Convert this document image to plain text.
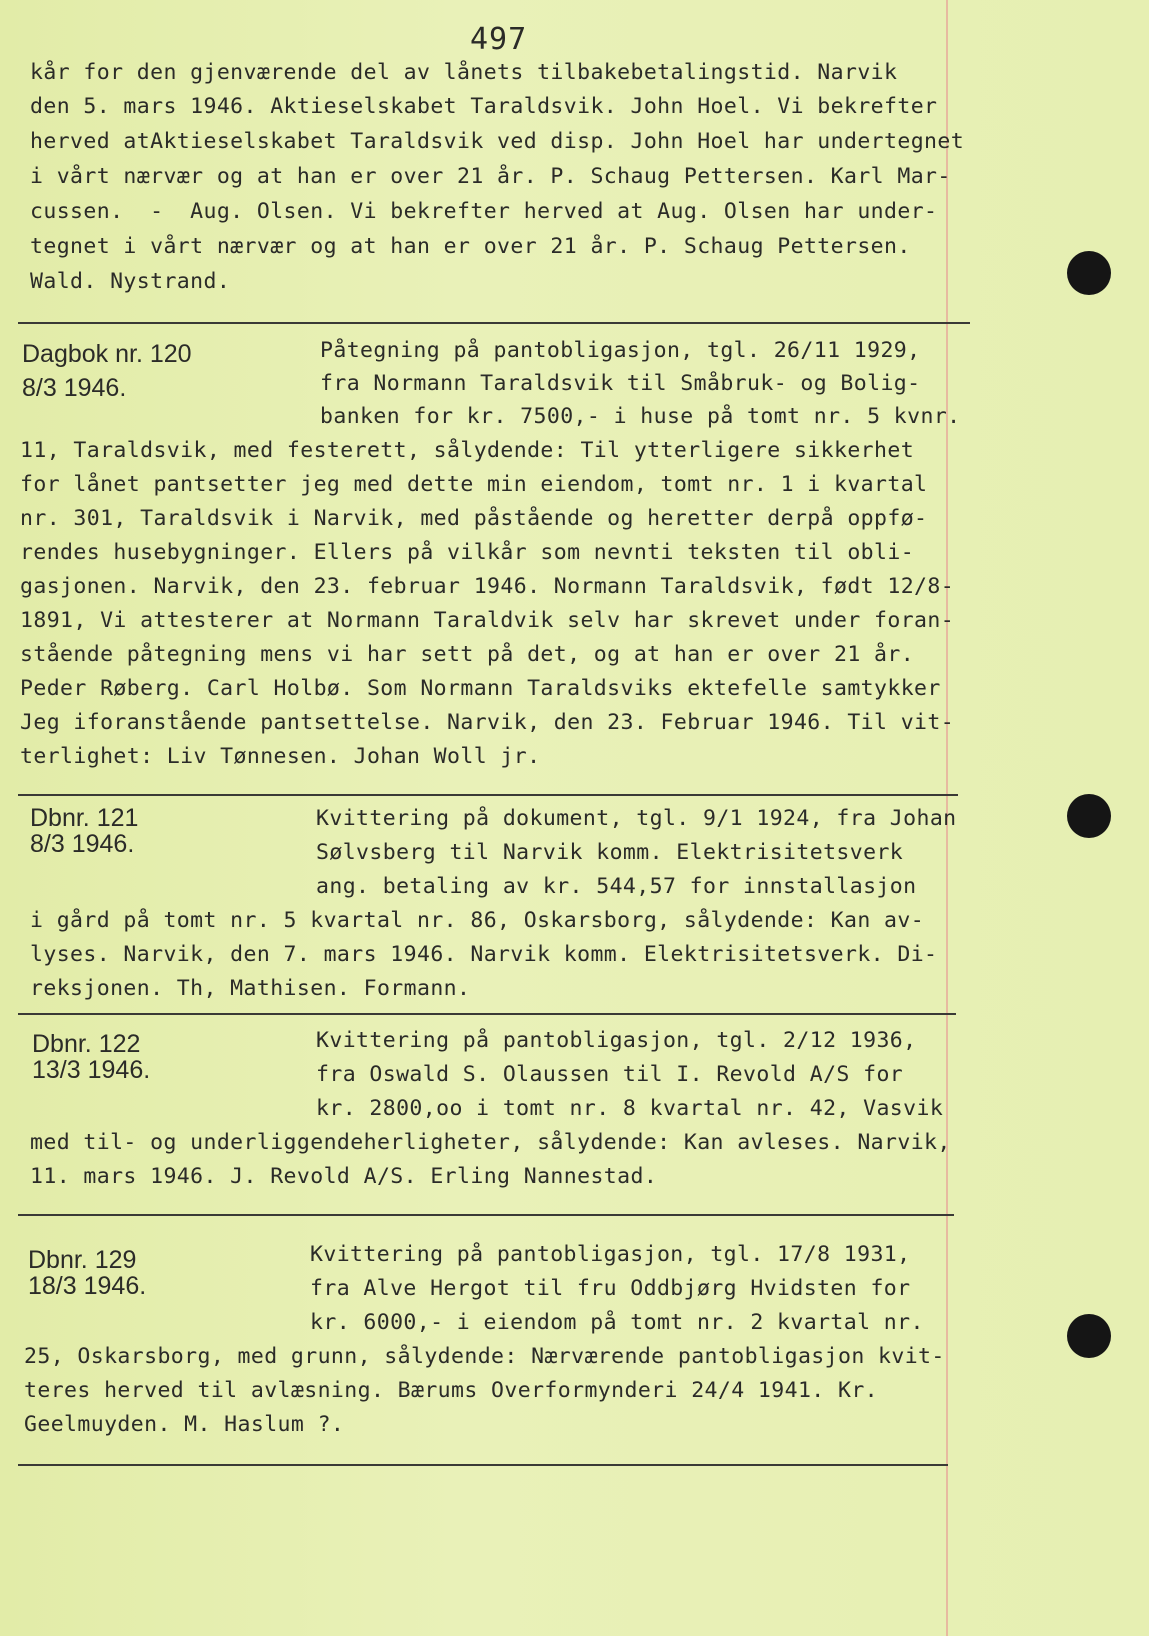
497
kår for den gjenværende del av lånets tilbakebetalingstid. Narvik
den 5. mars 1946. Aktieselskabet Taraldsvik. John Hoel. Vi bekrefter
herved atAktieselskabet Taraldsvik ved disp. John Hoel har undertegnet
i vårt nærvær og at han er over 21 år. P. Schaug Pettersen. Karl Mar-
cussen.  -  Aug. Olsen. Vi bekrefter herved at Aug. Olsen har under-
tegnet i vårt nærvær og at han er over 21 år. P. Schaug Pettersen.
Wald. Nystrand.
Dagbok nr. 120
8/3 1946.
Påtegning på pantobligasjon, tgl. 26/11 1929,
fra Normann Taraldsvik til Småbruk- og Bolig-
banken for kr. 7500,- i huse på tomt nr. 5 kvnr.
11, Taraldsvik, med festerett, sålydende: Til ytterligere sikkerhet
for lånet pantsetter jeg med dette min eiendom, tomt nr. 1 i kvartal
nr. 301, Taraldsvik i Narvik, med påstående og heretter derpå oppfø-
rendes husebygninger. Ellers på vilkår som nevnti teksten til obli-
gasjonen. Narvik, den 23. februar 1946. Normann Taraldsvik, født 12/8-
1891, Vi attesterer at Normann Taraldvik selv har skrevet under foran-
stående påtegning mens vi har sett på det, og at han er over 21 år.
Peder Røberg. Carl Holbø. Som Normann Taraldsviks ektefelle samtykker
Jeg iforanstående pantsettelse. Narvik, den 23. Februar 1946. Til vit-
terlighet: Liv Tønnesen. Johan Woll jr.
Dbnr. 121
8/3 1946.
Kvittering på dokument, tgl. 9/1 1924, fra Johan
Sølvsberg til Narvik komm. Elektrisitetsverk
ang. betaling av kr. 544,57 for innstallasjon
i gård på tomt nr. 5 kvartal nr. 86, Oskarsborg, sålydende: Kan av-
lyses. Narvik, den 7. mars 1946. Narvik komm. Elektrisitetsverk. Di-
reksjonen. Th, Mathisen. Formann.
Dbnr. 122
13/3 1946.
Kvittering på pantobligasjon, tgl. 2/12 1936,
fra Oswald S. Olaussen til I. Revold A/S for
kr. 2800,oo i tomt nr. 8 kvartal nr. 42, Vasvik
med til- og underliggendeherligheter, sålydende: Kan avleses. Narvik,
11. mars 1946. J. Revold A/S. Erling Nannestad.
Dbnr. 129
18/3 1946.
Kvittering på pantobligasjon, tgl. 17/8 1931,
fra Alve Hergot til fru Oddbjørg Hvidsten for
kr. 6000,- i eiendom på tomt nr. 2 kvartal nr.
25, Oskarsborg, med grunn, sålydende: Nærværende pantobligasjon kvit-
teres herved til avlæsning. Bærums Overformynderi 24/4 1941. Kr.
Geelmuyden. M. Haslum ?.
